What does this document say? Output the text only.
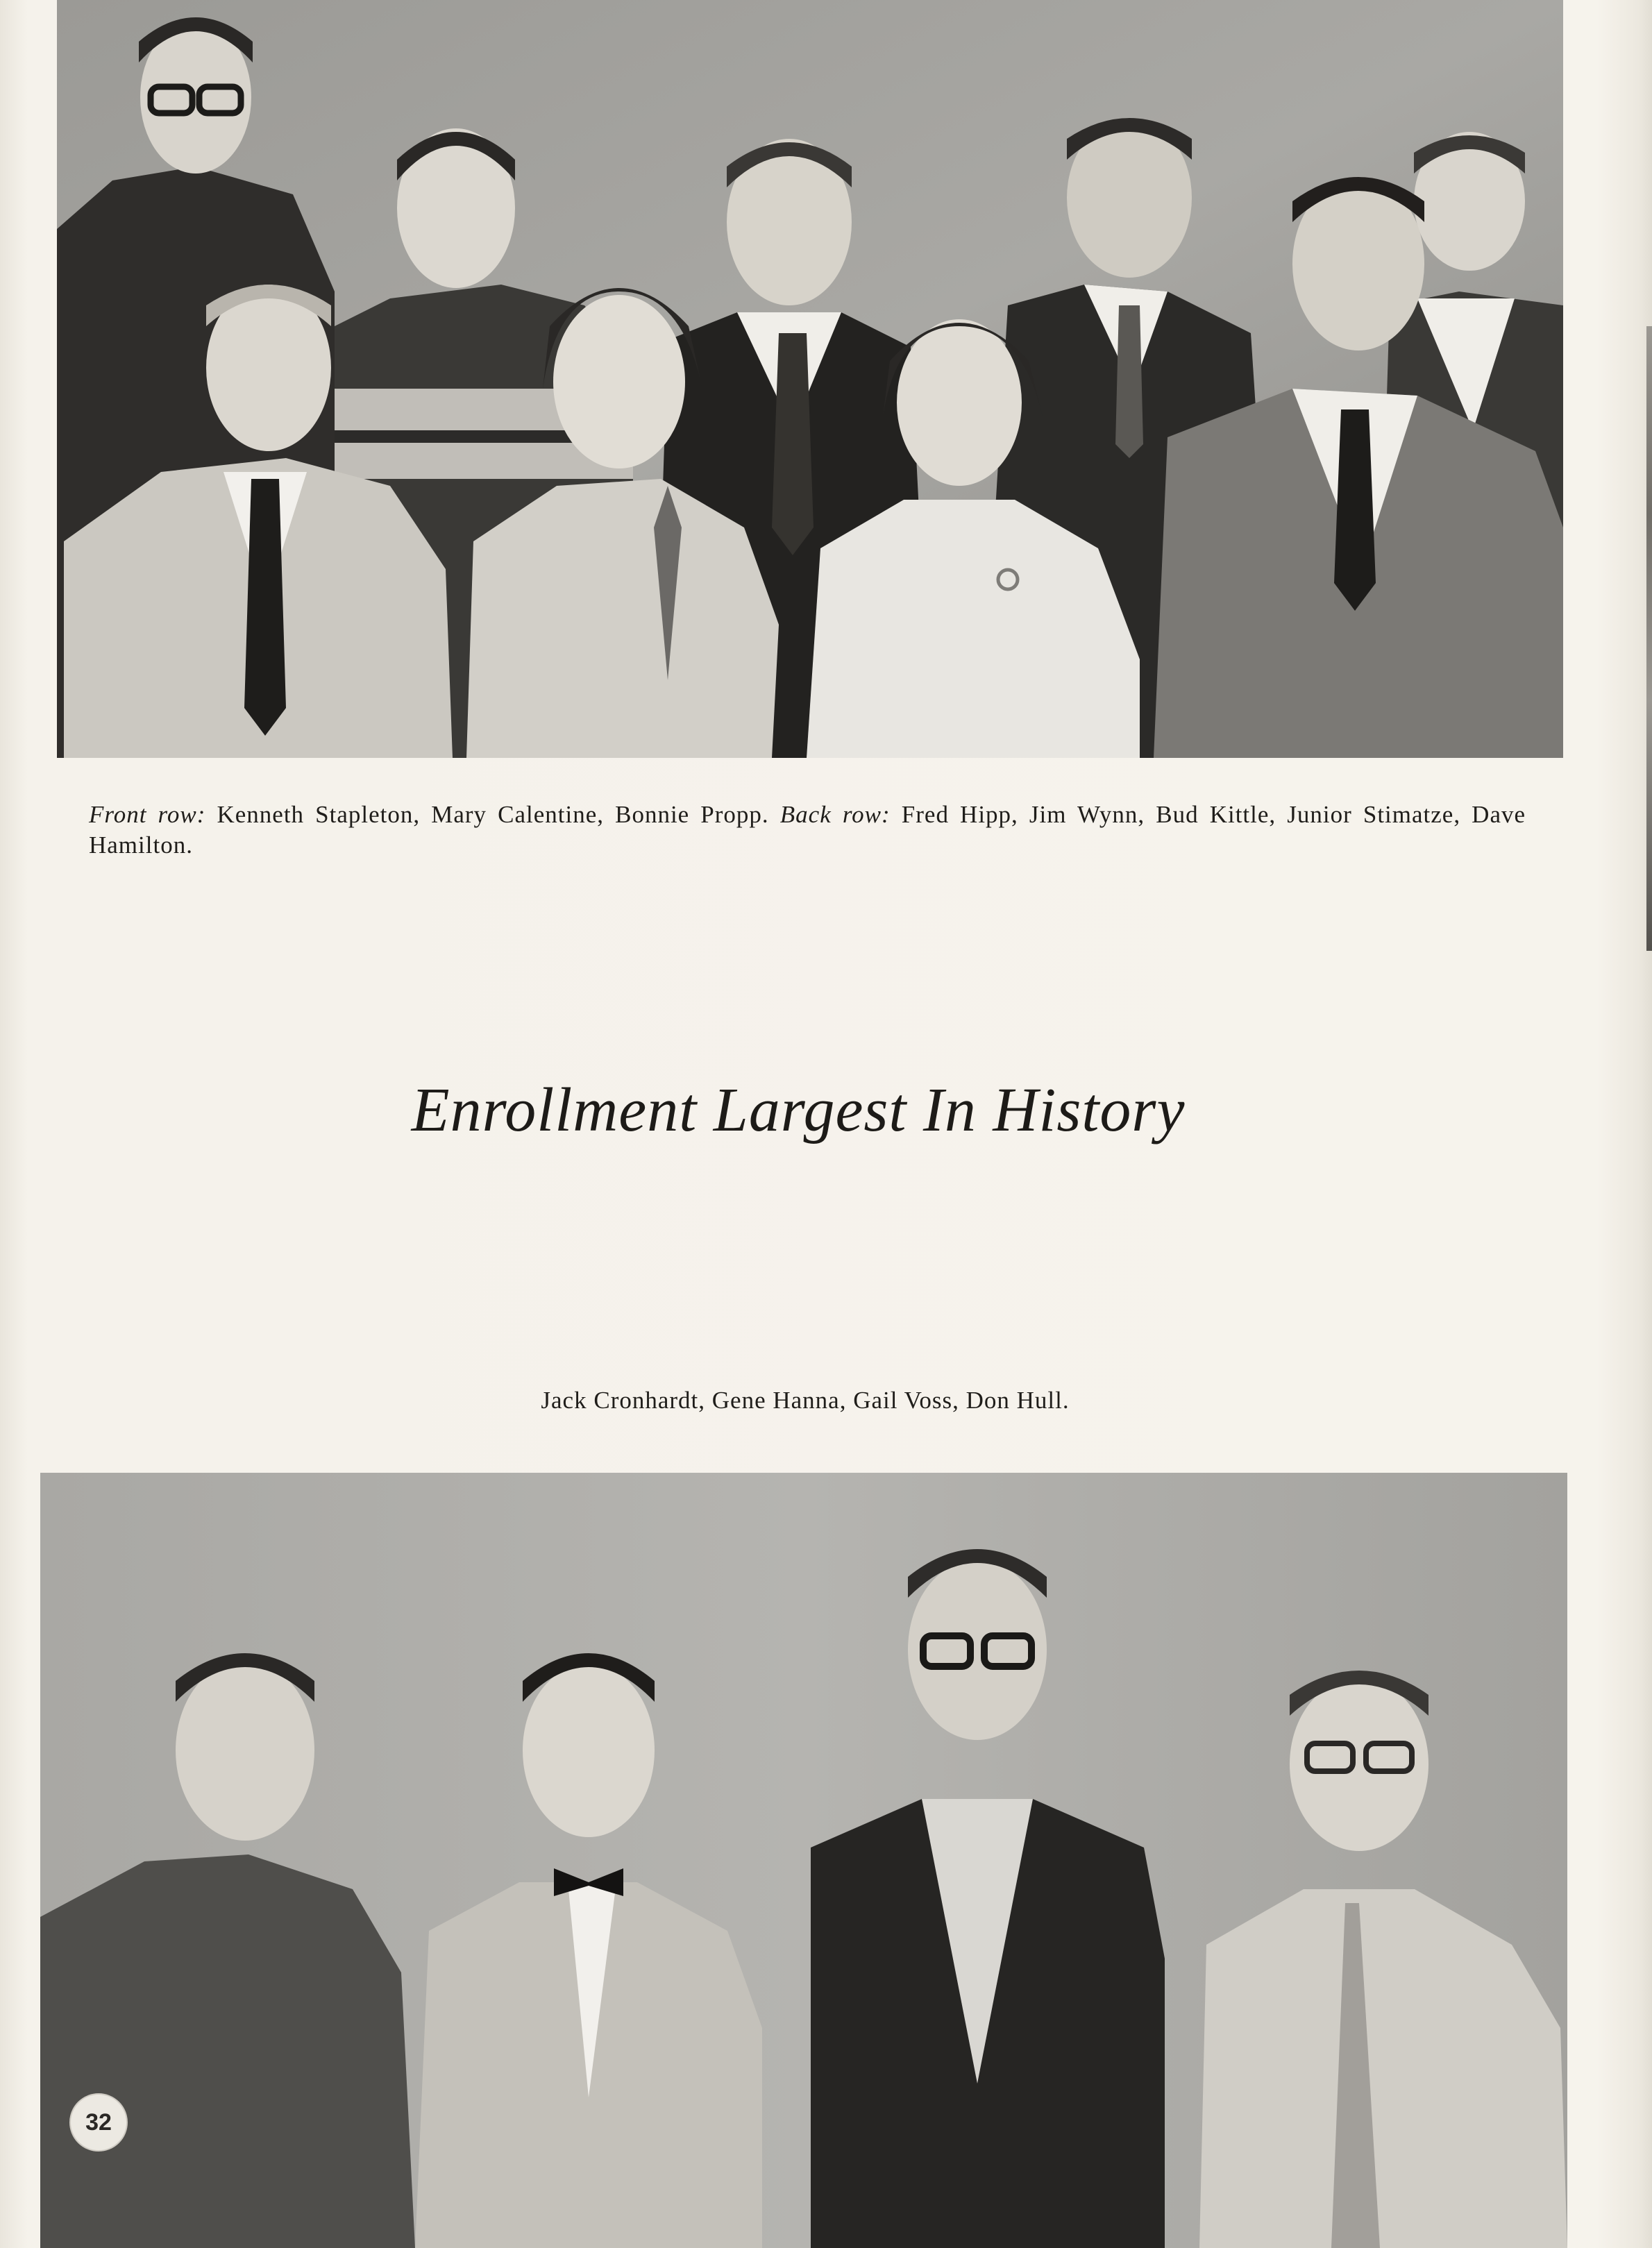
Front row: Kenneth Stapleton, Mary Calentine, Bonnie Propp. Back row: Fred Hipp, Jim Wynn, Bud Kittle, Junior Stimatze, Dave Hamilton.
Enrollment Largest In History
Jack Cronhardt, Gene Hanna, Gail Voss, Don Hull.
32
